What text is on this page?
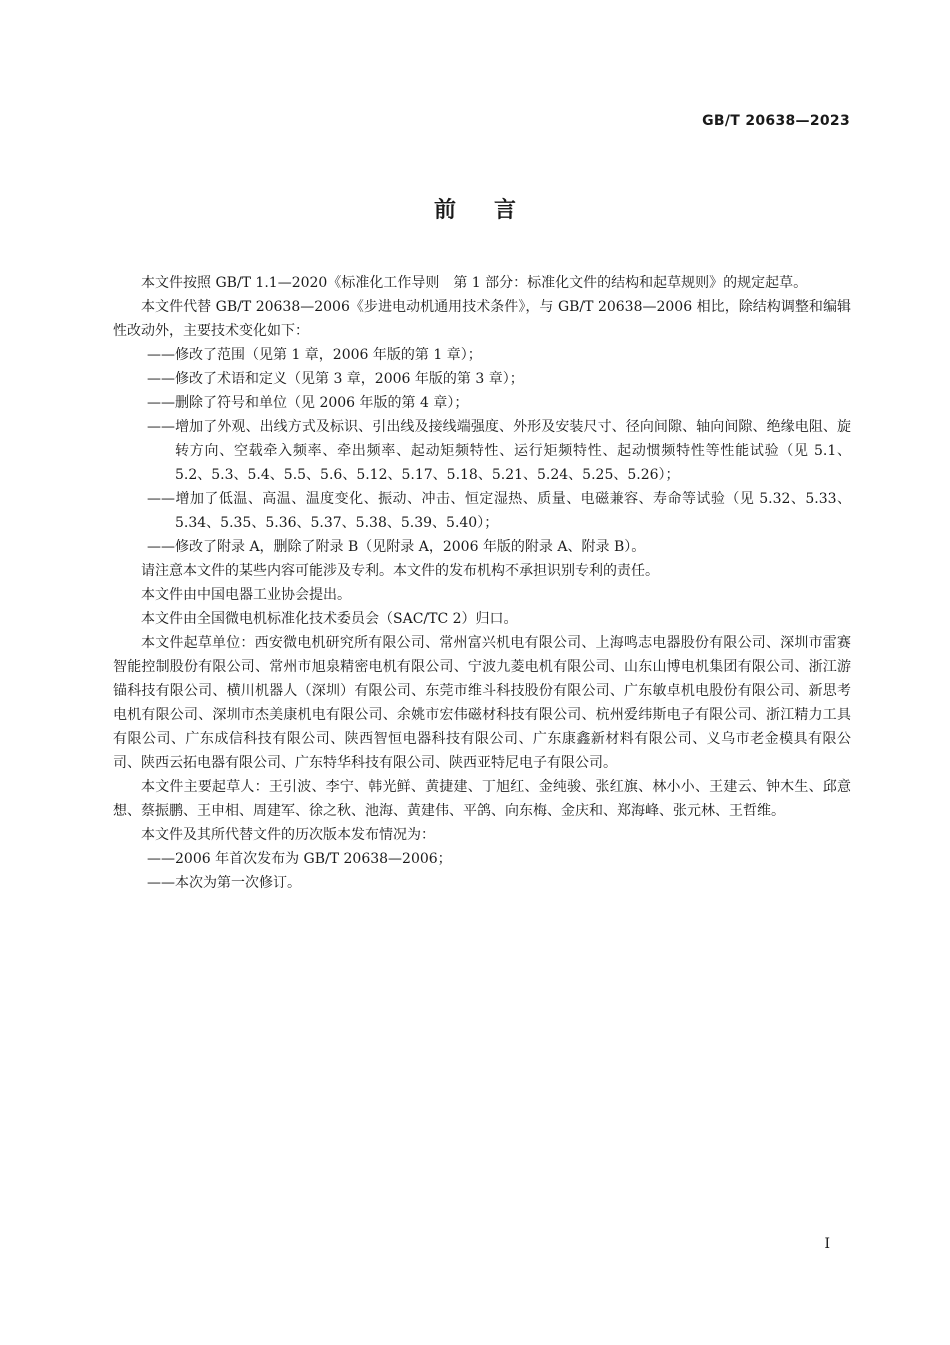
GB/T 20638—2023
前言

本文件按照 GB/T 1.1—2020《标准化工作导则　第 1 部分：标准化文件的结构和起草规则》的规定起草。

本文件代替 GB/T 20638—2006《步进电动机通用技术条件》，与 GB/T 20638—2006 相比，除结构调整和编辑性改动外，主要技术变化如下：

——修改了范围（见第 1 章，2006 年版的第 1 章）；

——修改了术语和定义（见第 3 章，2006 年版的第 3 章）；

——删除了符号和单位（见 2006 年版的第 4 章）；

——增加了外观、出线方式及标识、引出线及接线端强度、外形及安装尺寸、径向间隙、轴向间隙、绝缘电阻、旋转方向、空载牵入频率、牵出频率、起动矩频特性、运行矩频特性、起动惯频特性等性能试验（见 5.1、5.2、5.3、5.4、5.5、5.6、5.12、5.17、5.18、5.21、5.24、5.25、5.26）；

——增加了低温、高温、温度变化、振动、冲击、恒定湿热、质量、电磁兼容、寿命等试验（见 5.32、5.33、5.34、5.35、5.36、5.37、5.38、5.39、5.40）；

——修改了附录 A，删除了附录 B（见附录 A，2006 年版的附录 A、附录 B）。

请注意本文件的某些内容可能涉及专利。本文件的发布机构不承担识别专利的责任。

本文件由中国电器工业协会提出。

本文件由全国微电机标准化技术委员会（SAC/TC 2）归口。

本文件起草单位：西安微电机研究所有限公司、常州富兴机电有限公司、上海鸣志电器股份有限公司、深圳市雷赛智能控制股份有限公司、常州市旭泉精密电机有限公司、宁波九菱电机有限公司、山东山博电机集团有限公司、浙江游锚科技有限公司、横川机器人（深圳）有限公司、东莞市维斗科技股份有限公司、广东敏卓机电股份有限公司、新思考电机有限公司、深圳市杰美康机电有限公司、余姚市宏伟磁材科技有限公司、杭州爱纬斯电子有限公司、浙江精力工具有限公司、广东成信科技有限公司、陕西智恒电器科技有限公司、广东康鑫新材料有限公司、义乌市老金模具有限公司、陕西云拓电器有限公司、广东特华科技有限公司、陕西亚特尼电子有限公司。

本文件主要起草人：王引波、李宁、韩光鲜、黄捷建、丁旭红、金纯骏、张红旗、林小小、王建云、钟木生、邱意想、蔡振鹏、王申相、周建军、徐之秋、池海、黄建伟、平鸽、向东梅、金庆和、郑海峰、张元林、王哲维。

本文件及其所代替文件的历次版本发布情况为：

——2006 年首次发布为 GB/T 20638—2006；

——本次为第一次修订。

I
